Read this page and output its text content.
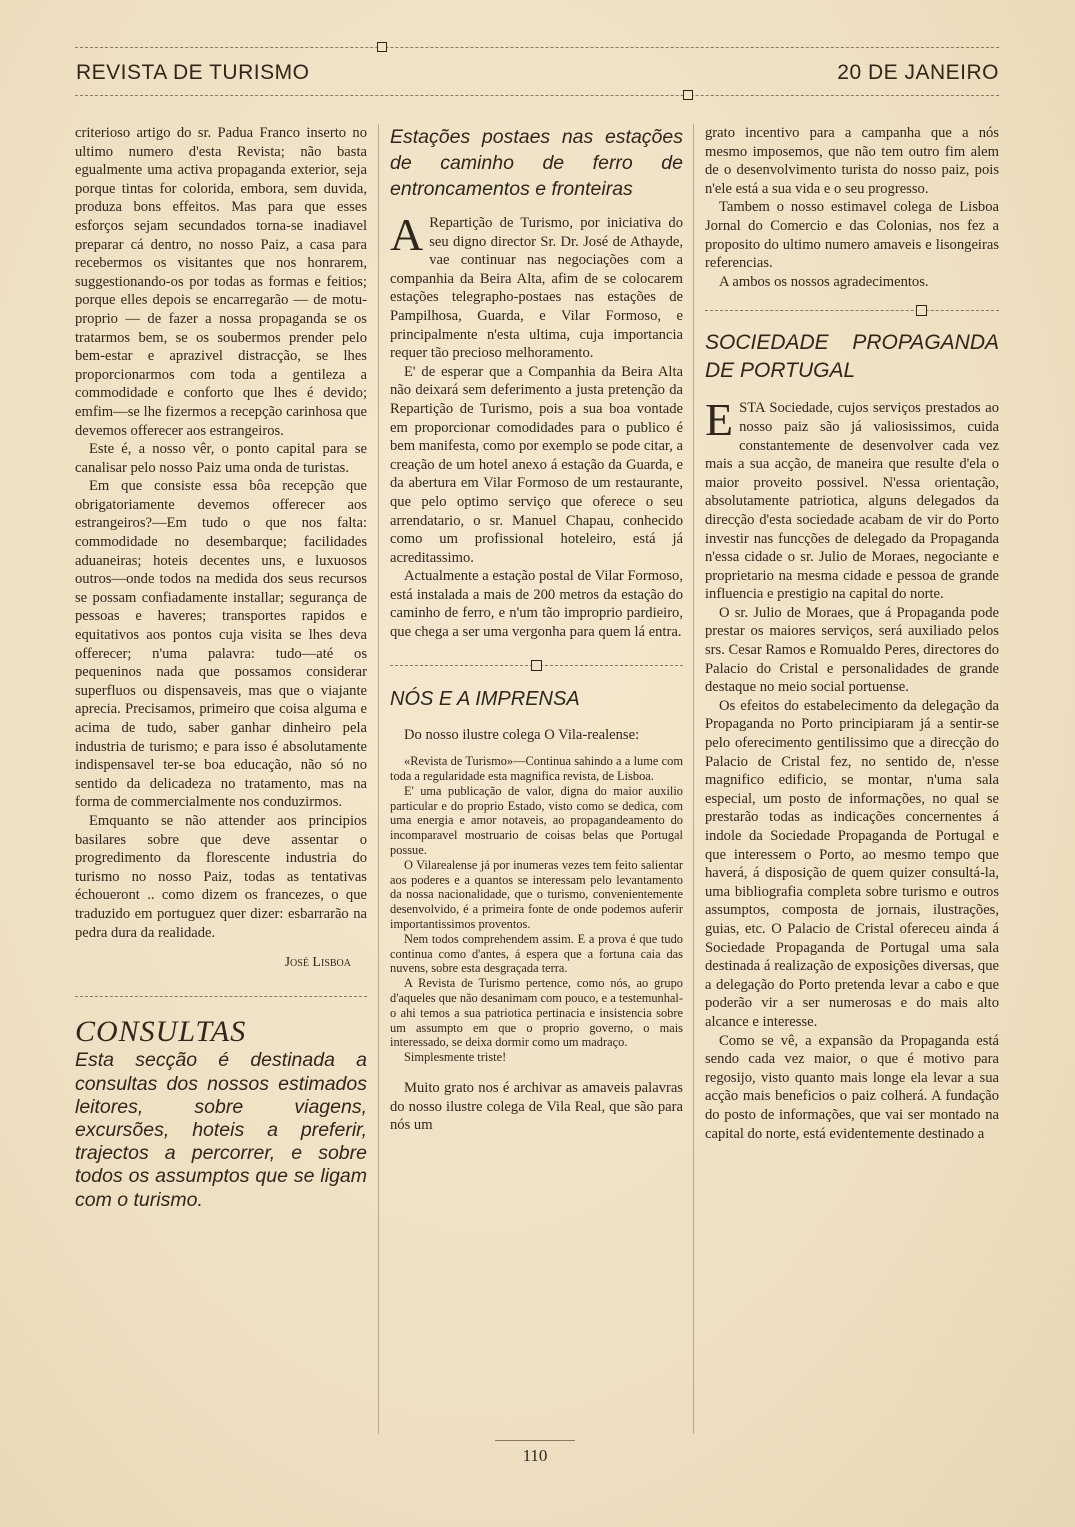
REVISTA DE TURISMO	20 DE JANEIRO

criterioso artigo do sr. Padua Franco inserto no ultimo numero d'esta Revista; não basta egualmente uma activa propaganda exterior, seja porque tintas for colorida, embora, sem duvida, produza bons effeitos. Mas para que esses esforços sejam secundados torna-se inadiavel preparar cá dentro, no nosso Paiz, a casa para recebermos os visitantes que nos honrarem, suggestionando-os por todas as formas e feitios; porque elles depois se encarregarão — de motu-proprio — de fazer a nossa propaganda se os tratarmos bem, se os soubermos prender pelo bem-estar e aprazivel distracção, se lhes proporcionarmos com toda a gentileza a commodidade e conforto que lhes é devido; emfim—se lhe fizermos a recepção carinhosa que devemos offerecer aos estrangeiros.

Este é, a nosso vêr, o ponto capital para se canalisar pelo nosso Paiz uma onda de turistas.

Em que consiste essa bôa recepção que obrigatoriamente devemos offerecer aos estrangeiros?—Em tudo o que nos falta: commodidade no desembarque; facilidades aduaneiras; hoteis decentes uns, e luxuosos outros—onde todos na medida dos seus recursos se possam confiadamente installar; segurança de pessoas e haveres; transportes rapidos e equitativos aos pontos cuja visita se lhes deva offerecer; n'uma palavra: tudo—até os pequeninos nada que possamos considerar superfluos ou dispensaveis, mas que o viajante aprecia. Precisamos, primeiro que coisa alguma e acima de tudo, saber ganhar dinheiro pela industria de turismo; e para isso é absolutamente indispensavel ter-se boa educação, não só no sentido da delicadeza no tratamento, mas na forma de commercialmente nos conduzirmos.

Emquanto se não attender aos principios basilares sobre que deve assentar o progredimento da florescente industria do turismo no nosso Paiz, todas as tentativas échoueront .. como dizem os francezes, o que traduzido em portuguez quer dizer: esbarrarão na pedra dura da realidade.

José Lisboa
CONSULTAS
Esta secção é destinada a consultas dos nossos estimados leitores, sobre viagens, excursões, hoteis a preferir, trajectos a percorrer, e sobre todos os assumptos que se ligam com o turismo.
Estações postaes nas estações de caminho de ferro de entroncamentos e fronteiras

A Repartição de Turismo, por iniciativa do seu digno director Sr. Dr. José de Athayde, vae continuar nas negociações com a companhia da Beira Alta, afim de se colocarem estações telegrapho-postaes nas estações de Pampilhosa, Guarda, e Vilar Formoso, e principalmente n'esta ultima, cuja importancia requer tão precioso melhoramento.

E' de esperar que a Companhia da Beira Alta não deixará sem deferimento a justa pretenção da Repartição de Turismo, pois a sua boa vontade em proporcionar comodidades para o publico é bem manifesta, como por exemplo se pode citar, a creação de um hotel anexo á estação da Guarda, e da abertura em Vilar Formoso de um restaurante, que pelo optimo serviço que oferece o seu arrendatario, o sr. Manuel Chapau, conhecido como um profissional hoteleiro, está já acreditassimo.

Actualmente a estação postal de Vilar Formoso, está instalada a mais de 200 metros da estação do caminho de ferro, e n'um tão improprio pardieiro, que chega a ser uma vergonha para quem lá entra.

NÓS E A IMPRENSA

Do nosso ilustre colega O Vila-realense:

«Revista de Turismo»—Continua sahindo a a lume com toda a regularidade esta magnifica revista, de Lisboa.

E' uma publicação de valor, digna do maior auxilio particular e do proprio Estado, visto como se dedica, com uma energia e amor notaveis, ao propagandeamento do incomparavel mostruario de coisas belas que Portugal possue.

O Vilarealense já por inumeras vezes tem feito salientar aos poderes e a quantos se interessam pelo levantamento da nossa nacionalidade, que o turismo, convenientemente desenvolvido, é a primeira fonte de onde podemos auferir importantissimos proventos.

Nem todos comprehendem assim. E a prova é que tudo continua como d'antes, á espera que a fortuna caia das nuvens, sobre esta desgraçada terra.

A Revista de Turismo pertence, como nós, ao grupo d'aqueles que não desanimam com pouco, e a testemunhal-o ahi temos a sua patriotica pertinacia e insistencia sobre um assumpto em que o proprio governo, o mais interessado, se deixa dormir como um madraço.

Simplesmente triste!

Muito grato nos é archivar as amaveis palavras do nosso ilustre colega de Vila Real, que são para nós um

grato incentivo para a campanha que a nós mesmo imposemos, que não tem outro fim alem de o desenvolvimento turista do nosso paiz, pois n'ele está a sua vida e o seu progresso.

Tambem o nosso estimavel colega de Lisboa Jornal do Comercio e das Colonias, nos fez a proposito do ultimo numero amaveis e lisongeiras referencias.

A ambos os nossos agradecimentos.

SOCIEDADE PROPAGANDA DE PORTUGAL

ESTA Sociedade, cujos serviços prestados ao nosso paiz são já valiosissimos, cuida constantemente de desenvolver cada vez mais a sua acção, de maneira que resulte d'ela o maior proveito possivel. N'essa orientação, absolutamente patriotica, alguns delegados da direcção d'esta sociedade acabam de vir do Porto investir nas funcções de delegado da Propaganda n'essa cidade o sr. Julio de Moraes, negociante e proprietario na mesma cidade e pessoa de grande influencia e prestigio na capital do norte.

O sr. Julio de Moraes, que á Propaganda pode prestar os maiores serviços, será auxiliado pelos srs. Cesar Ramos e Romualdo Peres, directores do Palacio do Cristal e personalidades de grande destaque no meio social portuense.

Os efeitos do estabelecimento da delegação da Propaganda no Porto principiaram já a sentir-se pelo oferecimento gentilissimo que a direcção do Palacio de Cristal fez, no sentido de, n'esse magnifico edificio, se montar, n'uma sala especial, um posto de informações, no qual se prestarão todas as indicações concernentes á indole da Sociedade Propaganda de Portugal e que interessem o Porto, ao mesmo tempo que haverá, á disposição de quem quizer consultá-la, uma bibliografia completa sobre turismo e outros assumptos, composta de jornais, ilustrações, guias, etc. O Palacio de Cristal ofereceu ainda á Sociedade Propaganda de Portugal uma sala destinada á realização de exposições diversas, que a delegação do Porto pretenda levar a cabo e que poderão vir a ser numerosas e do mais alto alcance e interesse.

Como se vê, a expansão da Propaganda está sendo cada vez maior, o que é motivo para regosijo, visto quanto mais longe ela levar a sua acção mais beneficios o paiz colherá. A fundação do posto de informações, que vai ser montado na capital do norte, está evidentemente destinado a

110
